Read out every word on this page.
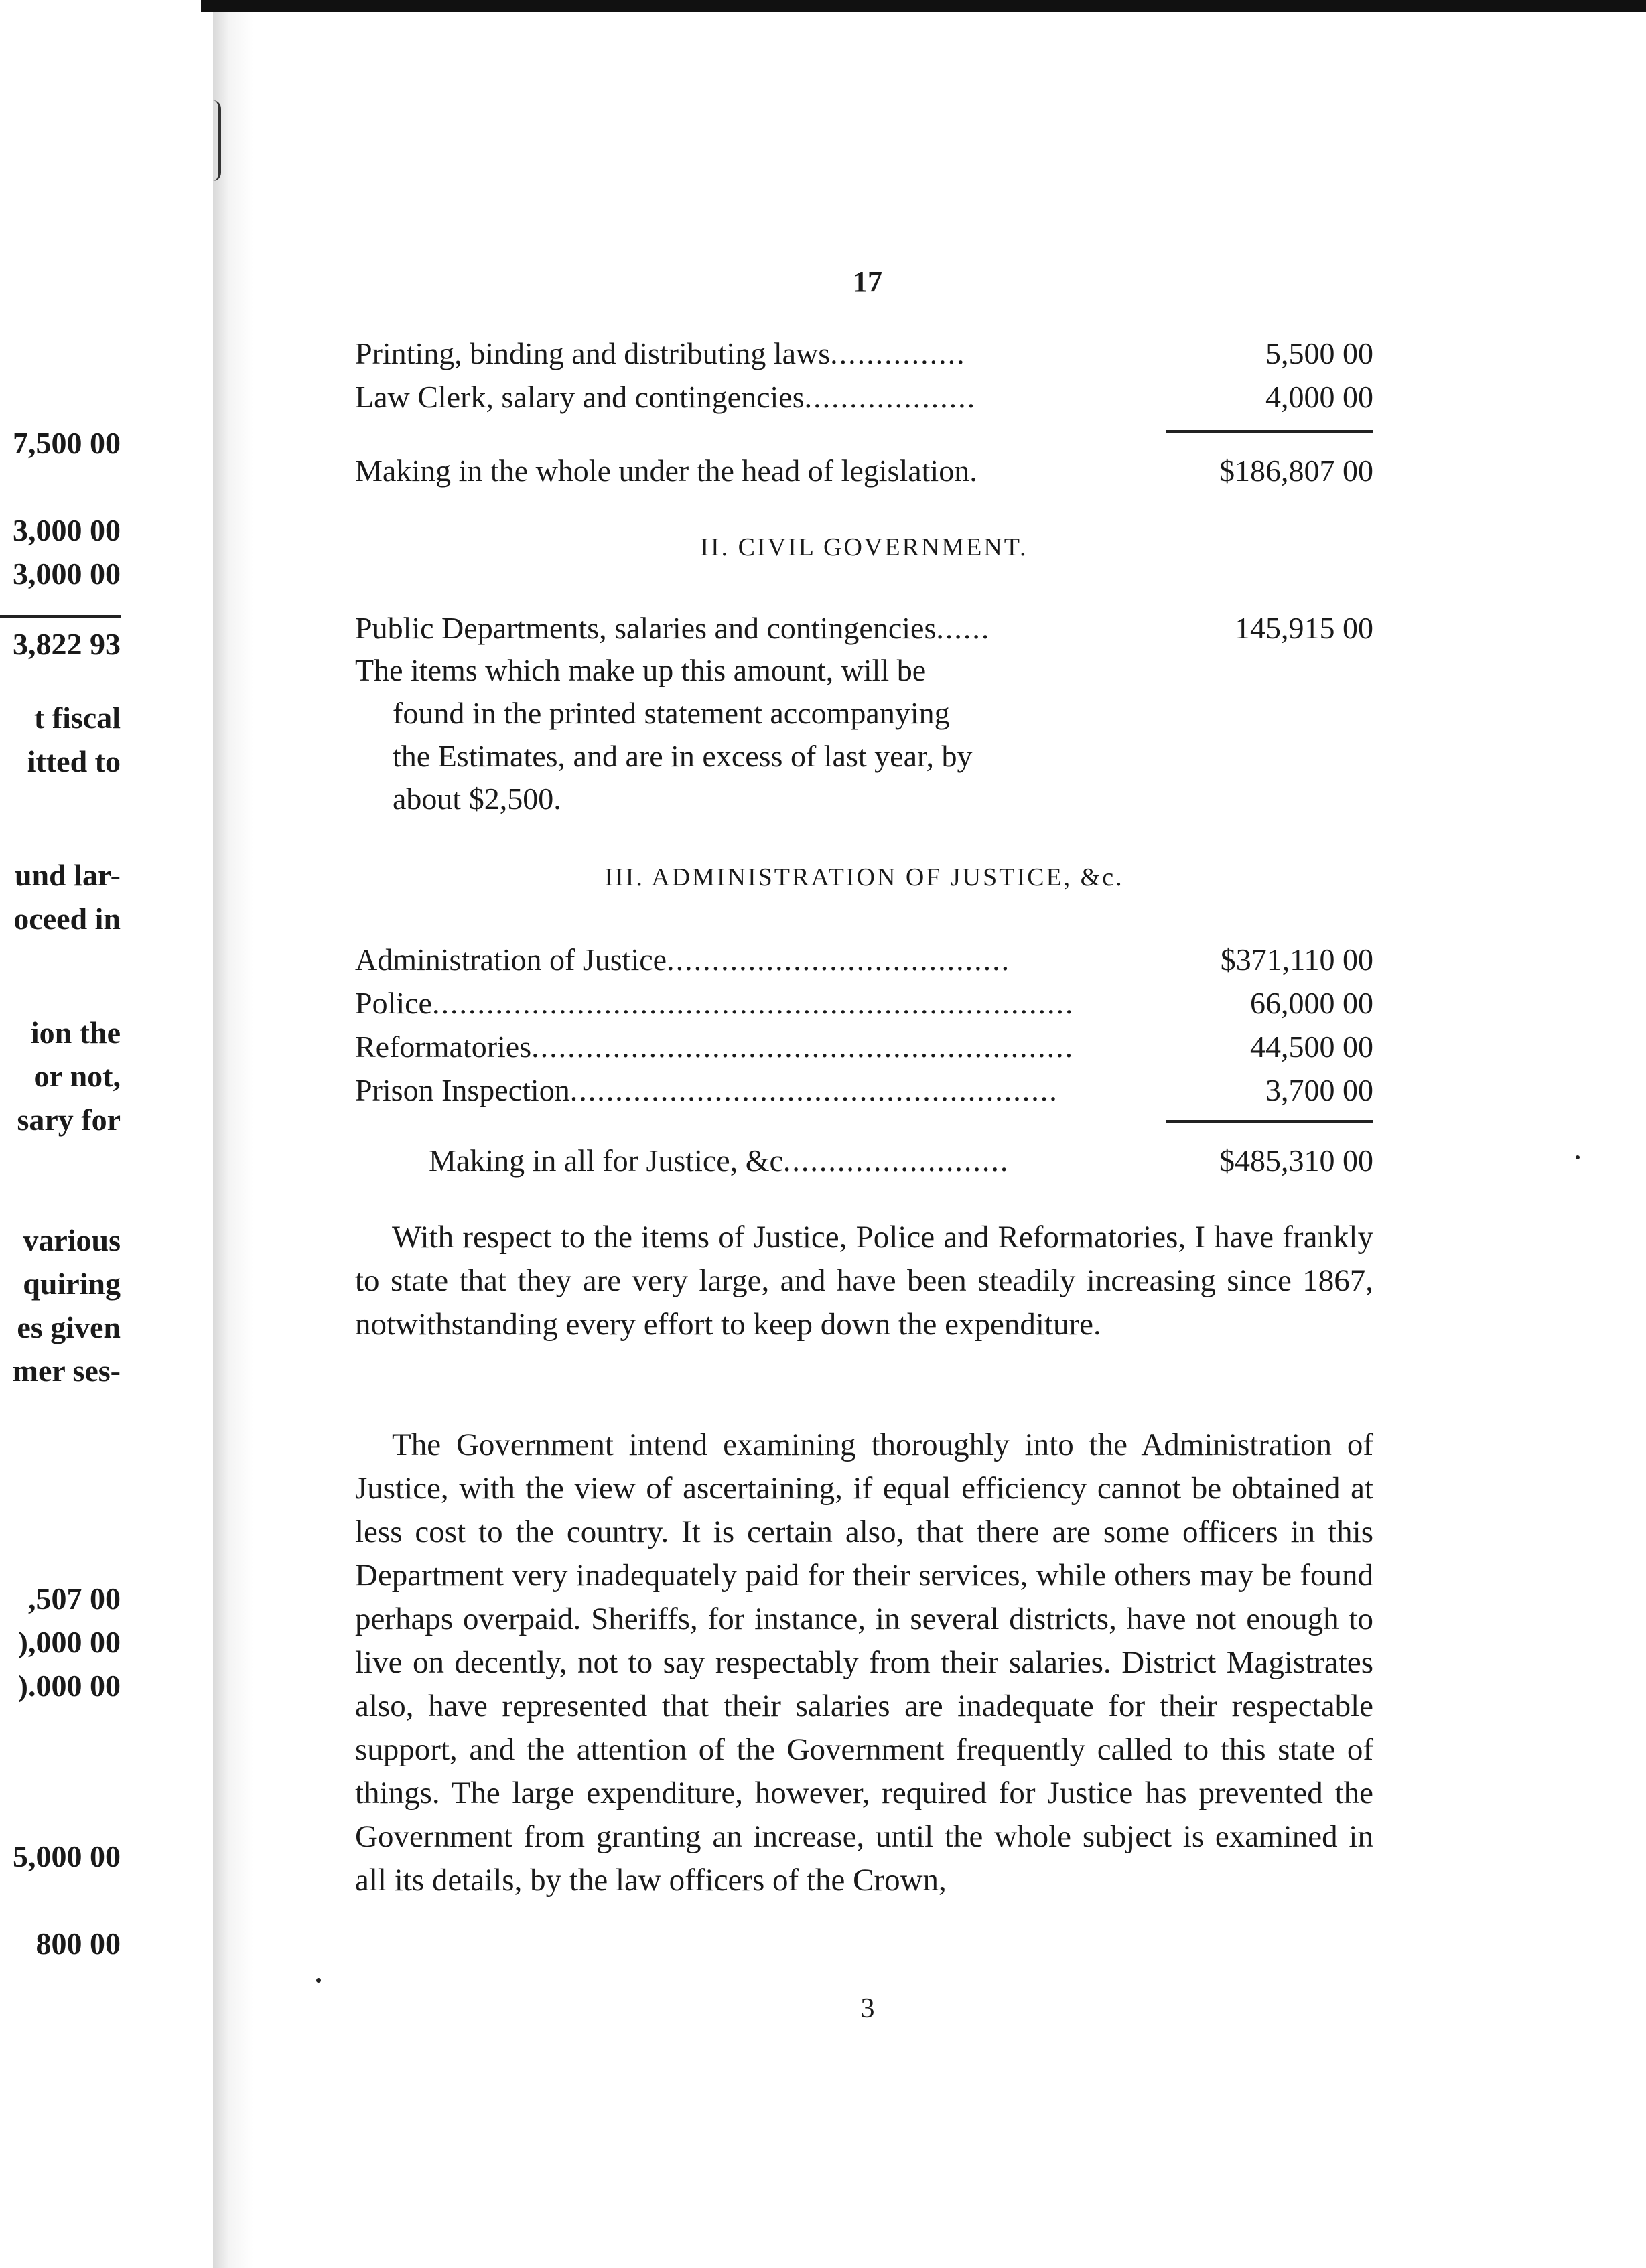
7,500 00
3,000 00
3,000 00
3,822 93
t fiscal
itted to
und lar-
oceed in
ion the
or not,
sary for
various
quiring
es given
mer ses-
,507 00
),000 00
).000 00
5,000 00
800 00
17
Printing, binding and distributing laws...............	5,500 00
Law Clerk, salary and contingencies...................	4,000 00
Making in the whole under the head of legislation.	$186,807 00
II. CIVIL GOVERNMENT.
Public Departments, salaries and contingencies......	145,915 00

The items which make up this amount, will be

found in the printed statement accompanying

the Estimates, and are in excess of last year, by

about $2,500.

III. ADMINISTRATION OF JUSTICE, &c.
Administration of Justice......................................	$371,110 00
Police.......................................................................	66,000 00
Reformatories............................................................	44,500 00
Prison Inspection......................................................	3,700 00
Making in all for Justice, &c.........................	$485,310 00

With respect to the items of Justice, Police and Reformatories, I have frankly to state that they are very large, and have been steadily increasing since 1867, notwithstanding every effort to keep down the expenditure.

The Government intend examining thoroughly into the Administration of Justice, with the view of ascertaining, if equal efficiency cannot be obtained at less cost to the country. It is certain also, that there are some officers in this Department very inadequately paid for their services, while others may be found perhaps overpaid. Sheriffs, for instance, in several districts, have not enough to live on decently, not to say respectably from their salaries. District Magistrates also, have represented that their salaries are inadequate for their respectable support, and the attention of the Government frequently called to this state of things. The large expenditure, however, required for Justice has prevented the Government from granting an increase, until the whole subject is examined in all its details, by the law officers of the Crown,

3
